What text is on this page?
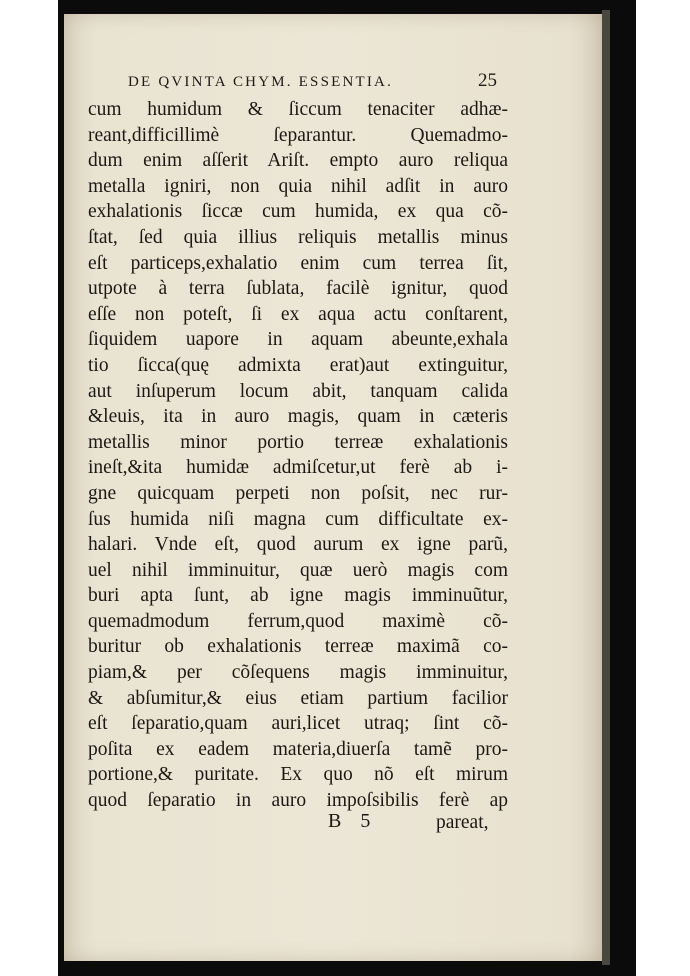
DE QVINTA CHYM. ESSENTIA.	25
cum humidum & ſiccum tenaciter adhæ-
reant,difficillimè ſeparantur. Quemadmo-
dum enim aſſerit Ariſt. empto auro reliqua
metalla igniri, non quia nihil adſit in auro
exhalationis ſiccæ cum humida, ex qua cõ-
ſtat, ſed quia illius reliquis metallis minus
eſt particeps,exhalatio enim cum terrea ſit,
utpote à terra ſublata, facilè ignitur, quod
eſſe non poteſt, ſi ex aqua actu conſtarent,
ſiquidem uapore in aquam abeunte,exhala
tio ſicca(quę admixta erat)aut extinguitur,
aut inſuperum locum abit, tanquam calida
&leuis, ita in auro magis, quam in cæteris
metallis minor portio terreæ exhalationis
ineſt,&ita humidæ admiſcetur,ut ferè ab i-
gne quicquam perpeti non poſsit, nec rur-
ſus humida niſi magna cum difficultate ex-
halari. Vnde eſt, quod aurum ex igne parũ,
uel nihil imminuitur, quæ uerò magis com
buri apta ſunt, ab igne magis imminuũtur,
quemadmodum ferrum,quod maximè cõ-
buritur ob exhalationis terreæ maximã co-
piam,& per cõſequens magis imminuitur,
& abſumitur,& eius etiam partium facilior
eſt ſeparatio,quam auri,licet utraq; ſint cõ-
poſita ex eadem materia,diuerſa tamẽ pro-
portione,& puritate. Ex quo nõ eſt mirum
quod ſeparatio in auro impoſsibilis ferè ap
B 5	pareat,
